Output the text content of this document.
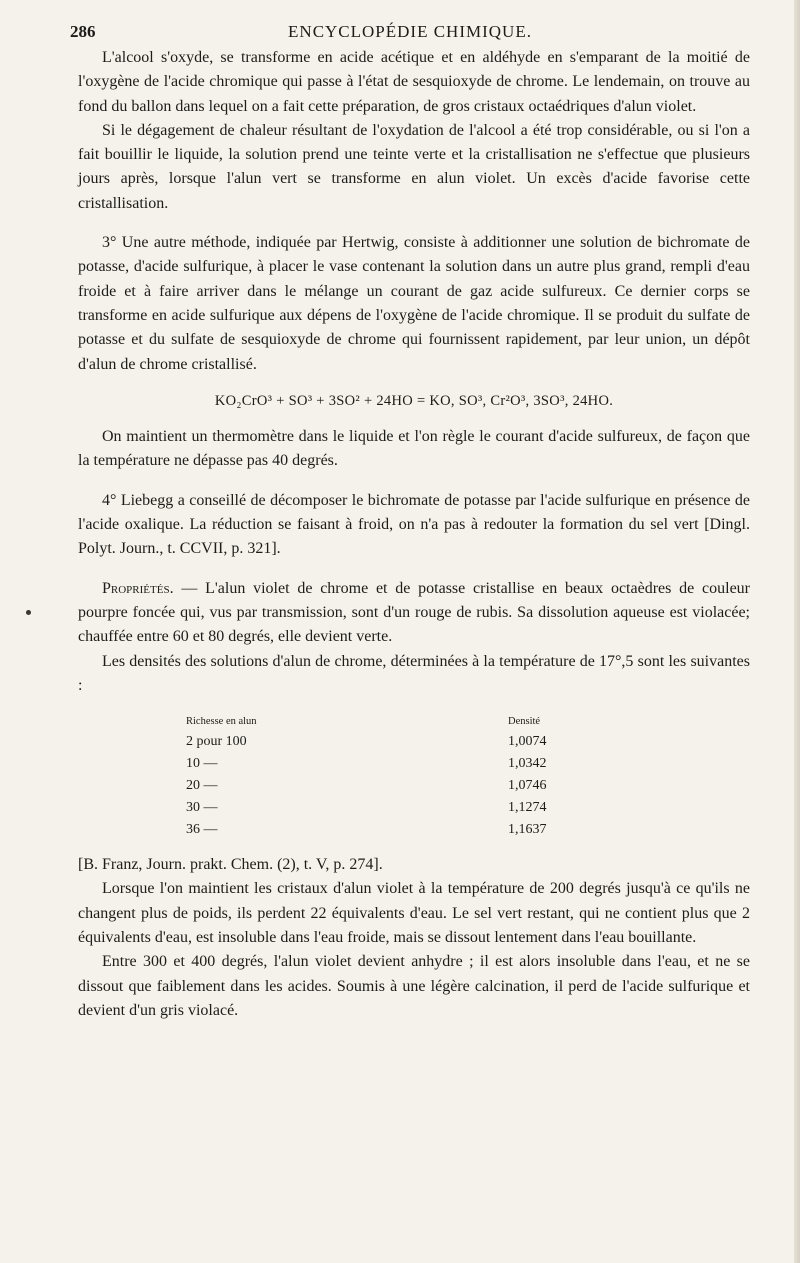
286	ENCYCLOPÉDIE CHIMIQUE.

L'alcool s'oxyde, se transforme en acide acétique et en aldéhyde en s'emparant de la moitié de l'oxygène de l'acide chromique qui passe à l'état de sesquioxyde de chrome. Le lendemain, on trouve au fond du ballon dans lequel on a fait cette préparation, de gros cristaux octaédriques d'alun violet.

Si le dégagement de chaleur résultant de l'oxydation de l'alcool a été trop considérable, ou si l'on a fait bouillir le liquide, la solution prend une teinte verte et la cristallisation ne s'effectue que plusieurs jours après, lorsque l'alun vert se transforme en alun violet. Un excès d'acide favorise cette cristallisation.

3° Une autre méthode, indiquée par Hertwig, consiste à additionner une solution de bichromate de potasse, d'acide sulfurique, à placer le vase contenant la solution dans un autre plus grand, rempli d'eau froide et à faire arriver dans le mélange un courant de gaz acide sulfureux. Ce dernier corps se transforme en acide sulfurique aux dépens de l'oxygène de l'acide chromique. Il se produit du sulfate de potasse et du sulfate de sesquioxyde de chrome qui fournissent rapidement, par leur union, un dépôt d'alun de chrome cristallisé.

KO₂CrO³ + SO³ + 3SO² + 24HO = KO, SO³, Cr²O³, 3SO³, 24HO.

On maintient un thermomètre dans le liquide et l'on règle le courant d'acide sulfureux, de façon que la température ne dépasse pas 40 degrés.

4° Liebegg a conseillé de décomposer le bichromate de potasse par l'acide sulfurique en présence de l'acide oxalique. La réduction se faisant à froid, on n'a pas à redouter la formation du sel vert [Dingl. Polyt. Journ., t. CCVII, p. 321].

Propriétés. — L'alun violet de chrome et de potasse cristallise en beaux octaèdres de couleur pourpre foncée qui, vus par transmission, sont d'un rouge de rubis. Sa dissolution aqueuse est violacée; chauffée entre 60 et 80 degrés, elle devient verte.

Les densités des solutions d'alun de chrome, déterminées à la température de 17°,5 sont les suivantes :

Richesse en alun	Densité
2 pour 100	1,0074
10 —	1,0342
20 —	1,0746
30 —	1,1274
36 —	1,1637

[B. Franz, Journ. prakt. Chem. (2), t. V, p. 274].

Lorsque l'on maintient les cristaux d'alun violet à la température de 200 degrés jusqu'à ce qu'ils ne changent plus de poids, ils perdent 22 équivalents d'eau. Le sel vert restant, qui ne contient plus que 2 équivalents d'eau, est insoluble dans l'eau froide, mais se dissout lentement dans l'eau bouillante.

Entre 300 et 400 degrés, l'alun violet devient anhydre ; il est alors insoluble dans l'eau, et ne se dissout que faiblement dans les acides. Soumis à une légère calcination, il perd de l'acide sulfurique et devient d'un gris violacé.
